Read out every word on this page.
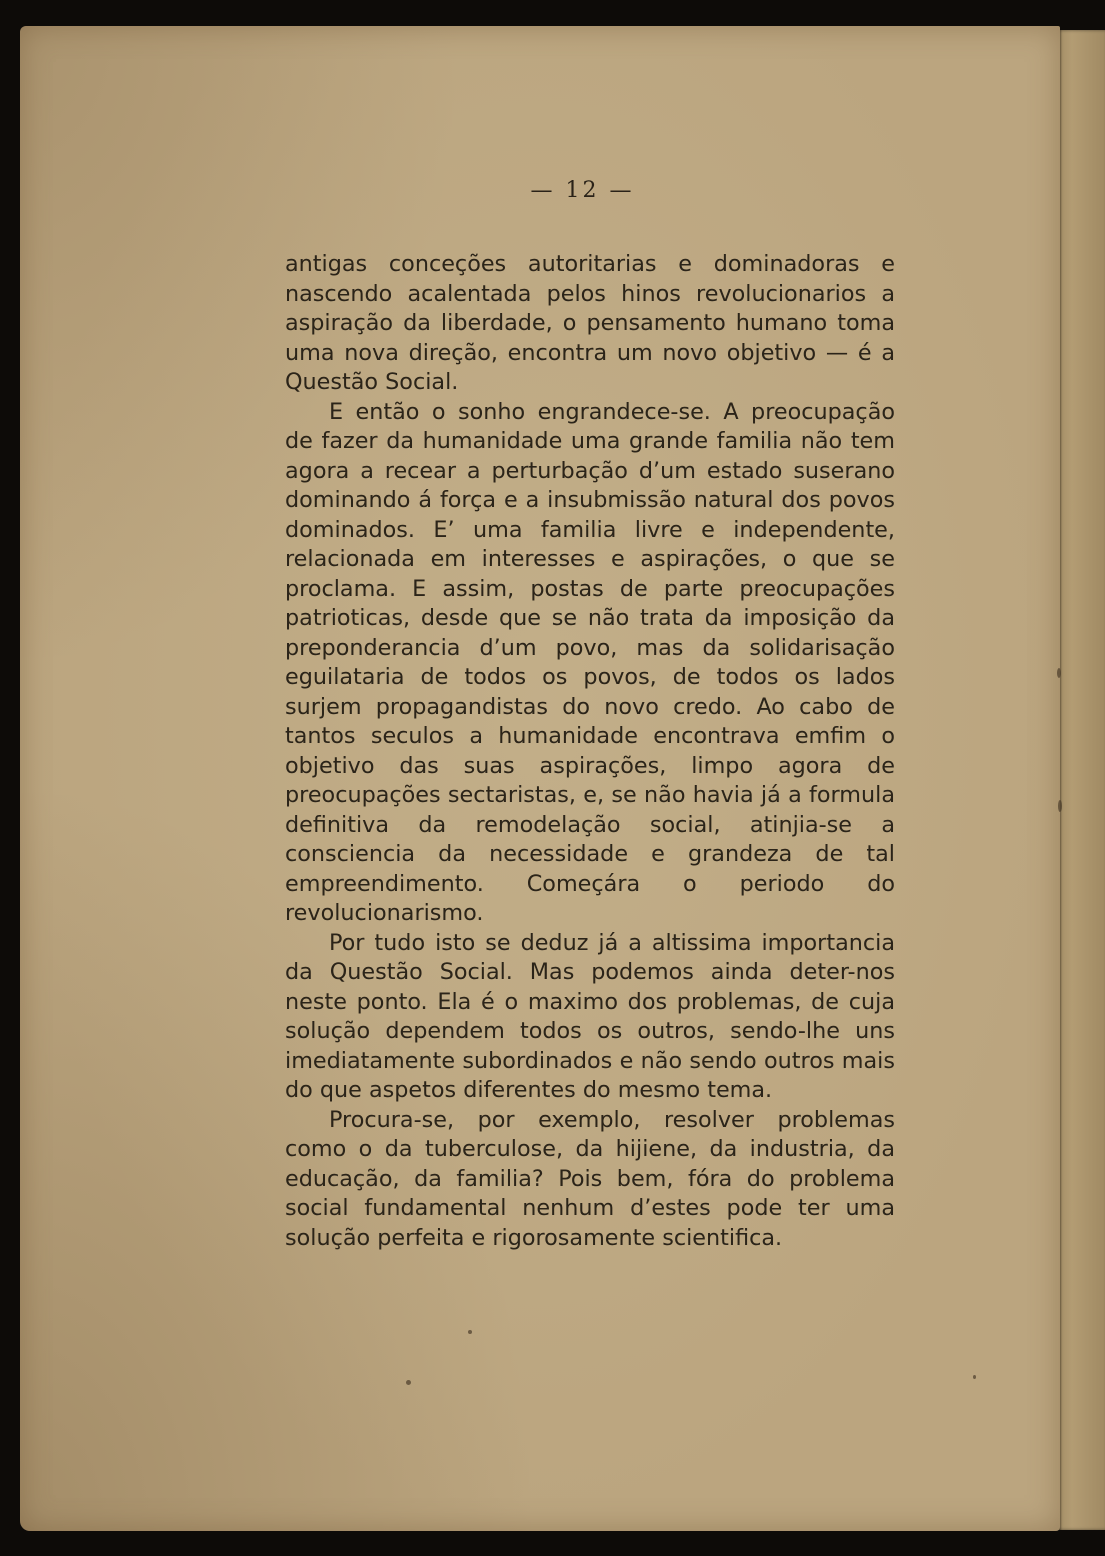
— 12 —

antigas conceções autoritarias e dominadoras e nascendo acalentada pelos hinos revolucionarios a aspiração da liberdade, o pensamento humano toma uma nova direção, encontra um novo objetivo — é a Questão Social.

E então o sonho engrandece-se. A preocupação de fazer da humanidade uma grande familia não tem agora a recear a perturbação d’um estado suserano dominando á força e a insubmissão natural dos povos dominados. E’ uma familia livre e independente, relacionada em interesses e aspirações, o que se proclama. E assim, postas de parte preocupações patrioticas, desde que se não trata da imposição da preponderancia d’um povo, mas da solidarisação eguilataria de todos os povos, de todos os lados surjem propagandistas do novo credo. Ao cabo de tantos seculos a humanidade encontrava emfim o objetivo das suas aspirações, limpo agora de preocupações sectaristas, e, se não havia já a formula definitiva da remodelação social, atinjia-se a consciencia da necessidade e grandeza de tal empreendimento. Começára o periodo do revolucionarismo.

Por tudo isto se deduz já a altissima importancia da Questão Social. Mas podemos ainda deter-nos neste ponto. Ela é o maximo dos problemas, de cuja solução dependem todos os outros, sendo-lhe uns imediatamente subordinados e não sendo outros mais do que aspetos diferentes do mesmo tema.

Procura-se, por exemplo, resolver problemas como o da tuberculose, da hijiene, da industria, da educação, da familia? Pois bem, fóra do problema social fundamental nenhum d’estes pode ter uma solução perfeita e rigorosamente scientifica.
